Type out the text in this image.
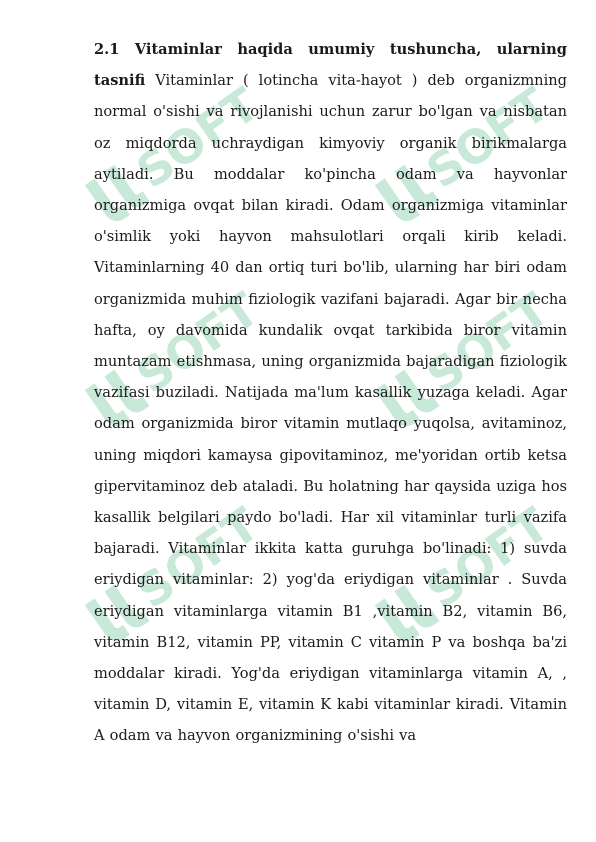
SOFT	SOFT
SOFT	SOFT
SOFT	SOFT

2.1 Vitaminlar haqida umumiy tushuncha, ularning tasnifi Vitaminlar ( lotincha vita-hayot ) deb organizmning normal o'sishi va rivojlanishi uchun zarur bo'lgan va nisbatan oz miqdorda uchraydigan kimyoviy organik birikmalarga aytiladi. Bu moddalar ko'pincha odam va hayvonlar organizmiga ovqat bilan kiradi. Odam organizmiga vitaminlar o'simlik yoki hayvon mahsulotlari orqali kirib keladi. Vitaminlarning 40 dan ortiq turi bo'lib, ularning har biri odam organizmida muhim fiziologik vazifani bajaradi. Agar bir necha hafta, oy davomida kundalik ovqat tarkibida biror vitamin muntazam etishmasa, uning organizmida bajaradigan fiziologik vazifasi buziladi. Natijada ma'lum kasallik yuzaga keladi. Agar odam organizmida biror vitamin mutlaqo yuqolsa, avitaminoz, uning miqdori kamaysa gipovitaminoz, me'yoridan ortib ketsa gipervitaminoz deb ataladi. Bu holatning har qaysida uziga hos kasallik belgilari paydo bo'ladi. Har xil vitaminlar turli vazifa bajaradi. Vitaminlar ikkita katta guruhga bo'linadi: 1) suvda eriydigan vitaminlar: 2) yog'da eriydigan vitaminlar . Suvda eriydigan vitaminlarga vitamin B1 ,vitamin B2, vitamin B6, vitamin B12, vitamin PP, vitamin C vitamin P va boshqa ba'zi moddalar kiradi. Yog'da eriydigan vitaminlarga vitamin A, , vitamin D, vitamin E, vitamin K kabi vitaminlar kiradi. Vitamin A odam va hayvon organizmining o'sishi va
